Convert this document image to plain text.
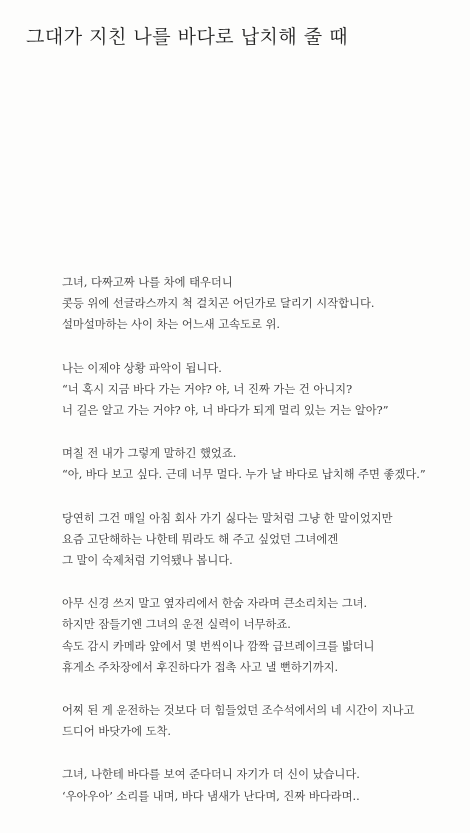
그대가 지친 나를 바다로 납치해 줄 때
그녀, 다짜고짜 나를 차에 태우더니
콧등 위에 선글라스까지 척 걸치곤 어딘가로 달리기 시작합니다.
설마설마하는 사이 차는 어느새 고속도로 위.
나는 이제야 상황 파악이 됩니다.
“너 혹시 지금 바다 가는 거야? 야, 너 진짜 가는 건 아니지?
너 길은 알고 가는 거야? 야, 너 바다가 되게 멀리 있는 거는 알아?”
며칠 전 내가 그렇게 말하긴 했었죠.
“아, 바다 보고 싶다. 근데 너무 멀다. 누가 날 바다로 납치해 주면 좋겠다.”
당연히 그건 매일 아침 회사 가기 싫다는 말처럼 그냥 한 말이었지만
요즘 고단해하는 나한테 뭐라도 해 주고 싶었던 그녀에겐
그 말이 숙제처럼 기억됐나 봅니다.
아무 신경 쓰지 말고 옆자리에서 한숨 자라며 큰소리치는 그녀.
하지만 잠들기엔 그녀의 운전 실력이 너무하죠.
속도 감시 카메라 앞에서 몇 번씩이나 깜짝 급브레이크를 밟더니
휴게소 주차장에서 후진하다가 접촉 사고 낼 뻔하기까지.
어찌 된 게 운전하는 것보다 더 힘들었던 조수석에서의 네 시간이 지나고
드디어 바닷가에 도착.
그녀, 나한테 바다를 보여 준다더니 자기가 더 신이 났습니다.
‘우아우아’ 소리를 내며, 바다 냄새가 난다며, 진짜 바다라며..
